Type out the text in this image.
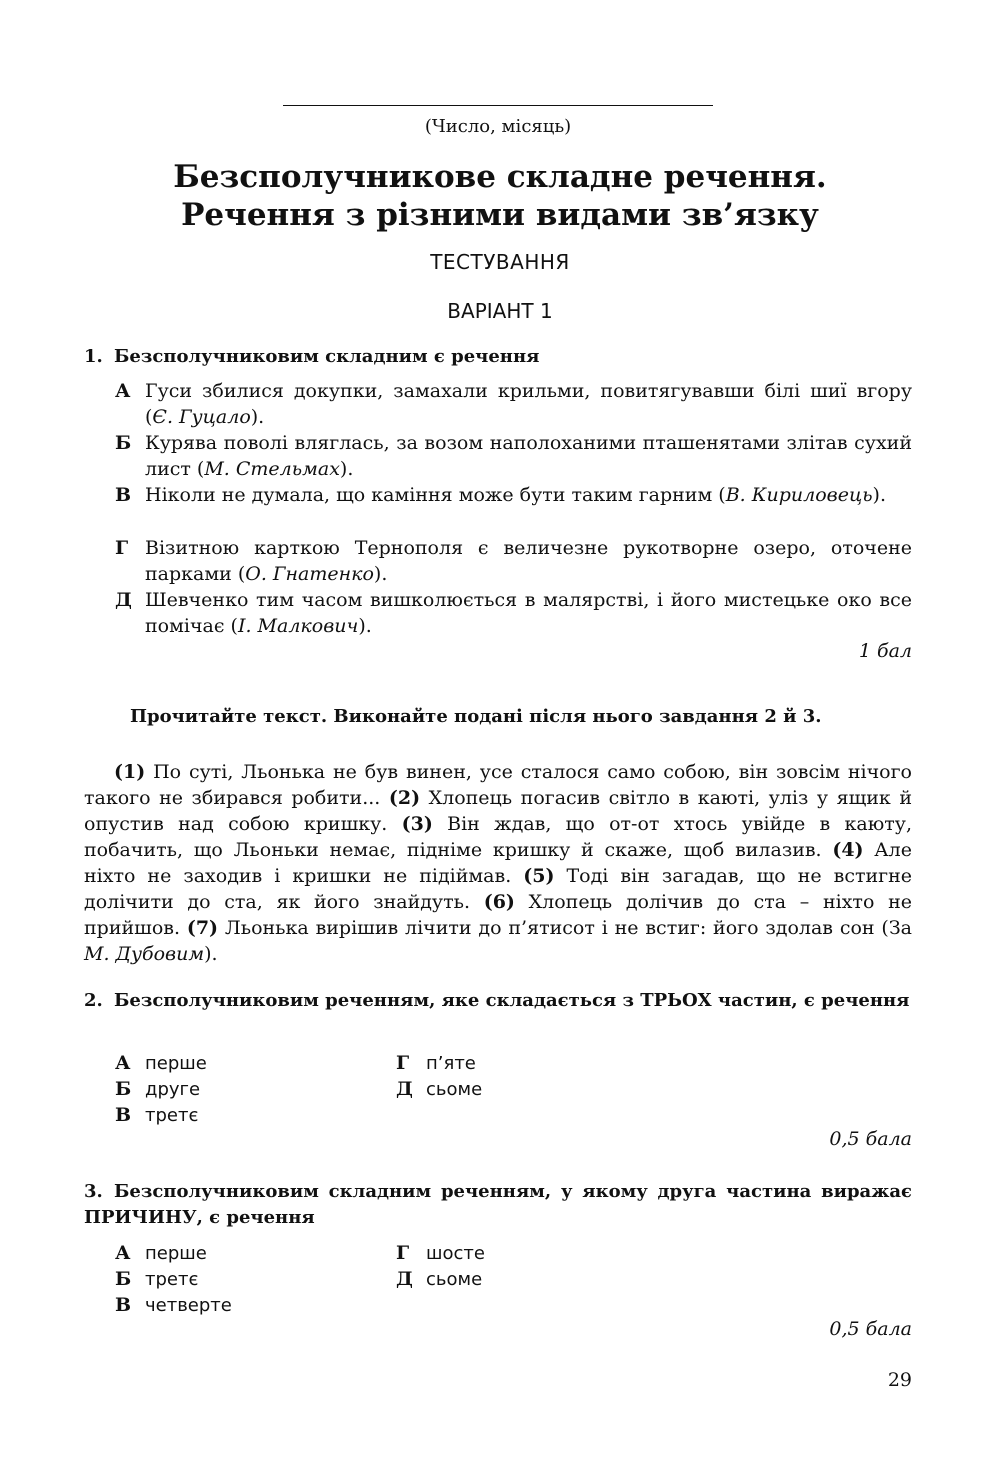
(Число, місяць)
Безсполучникове складне речення.
Речення з різними видами зв’язку
ТЕСТУВАННЯ
ВАРІАНТ 1
1. Безсполучниковим складним є речення
А Гуси збилися докупки, замахали крильми, повитягувавши білі шиї вгору (Є. Гуцало).
Б Курява поволі вляглась, за возом наполоханими пташенятами злітав сухий лист (М. Стельмах).
В Ніколи не думала, що каміння може бути таким гарним (В. Кириловець).
Г Візитною карткою Тернополя є величезне рукотворне озеро, оточене парками (О. Гнатенко).
Д Шевченко тим часом вишколюється в малярстві, і його мистецьке око все помічає (І. Малкович).
1 бал
Прочитайте текст. Виконайте подані після нього завдання 2 й 3.
(1) По суті, Льонька не був винен, усе сталося само собою, він зовсім нічого такого не збирався робити... (2) Хлопець погасив світло в каюті, уліз у ящик й опустив над собою кришку. (3) Він ждав, що от-от хтось увійде в каюту, побачить, що Льоньки немає, підніме кришку й скаже, щоб вилазив. (4) Але ніхто не заходив і кришки не підіймав. (5) Тоді він загадав, що не встигне долічити до ста, як його знайдуть. (6) Хлопець долічив до ста – ніхто не прийшов. (7) Льонька вирішив лічити до п’ятисот і не встиг: його здолав сон (За М. Дубовим).
2. Безсполучниковим реченням, яке складається з ТРЬОХ частин, є речення
А перше
Б друге
В третє
Г п’яте
Д сьоме
0,5 бала
3. Безсполучниковим складним реченням, у якому друга частина виражає ПРИЧИНУ, є речення
А перше
Б третє
В четверте
Г шосте
Д сьоме
0,5 бала
29
